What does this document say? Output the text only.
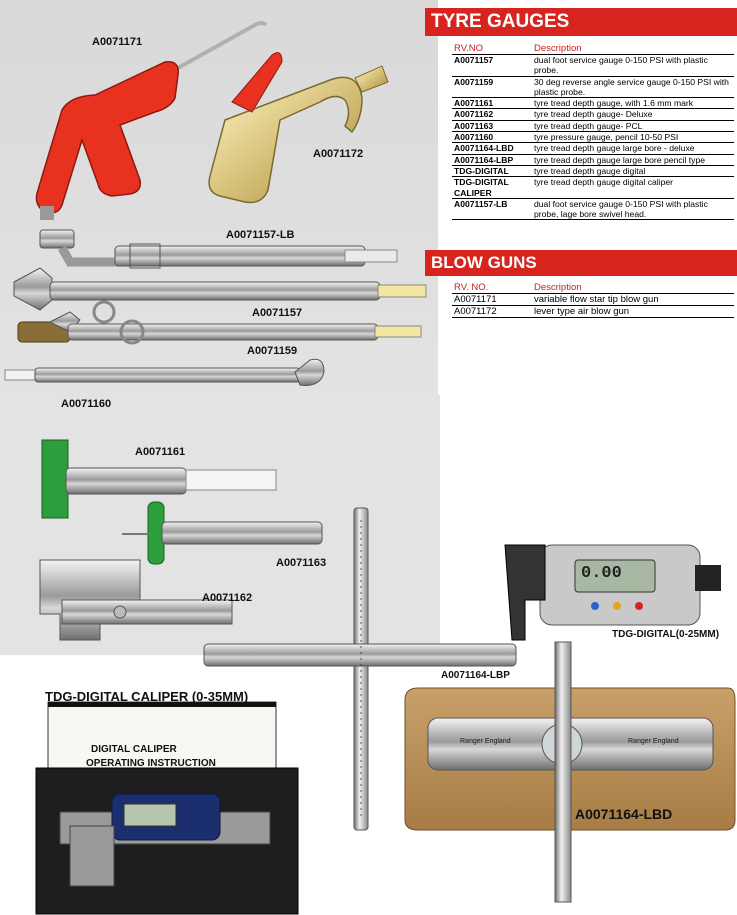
TYRE GAUGES
RV.NO	Description
A0071157	dual foot service gauge 0-150 PSI with plastic probe.
A0071159	30 deg reverse angle service gauge 0-150 PSI with plastic probe.
A0071161	tyre tread depth gauge, with 1.6 mm mark
A0071162	tyre tread depth gauge- Deluxe
A0071163	tyre tread depth gauge- PCL
A0071160	tyre pressure gauge, pencil 10-50 PSI
A0071164-LBD	tyre tread depth gauge large bore - deluxe
A0071164-LBP	tyre tread depth gauge large bore pencil type
TDG-DIGITAL	tyre tread depth gauge digital
TDG-DIGITAL CALIPER	tyre tread depth gauge digital caliper
A0071157-LB	dual foot service gauge 0-150 PSI with plastic probe, lage bore swivel head.
BLOW GUNS
RV. NO.	Description
A0071171	variable flow star tip blow gun
A0071172	lever type air blow gun
DIGITAL CALIPER
OPERATING INSTRUCTION
0.00
Ranger England	Ranger England
A0071171
A0071172
A0071157-LB
A0071157
A0071159
A0071160
A0071161
A0071163
A0071162
A0071164-LBP
TDG-DIGITAL(0-25MM)
TDG-DIGITAL CALIPER (0-35MM)
A0071164-LBD
